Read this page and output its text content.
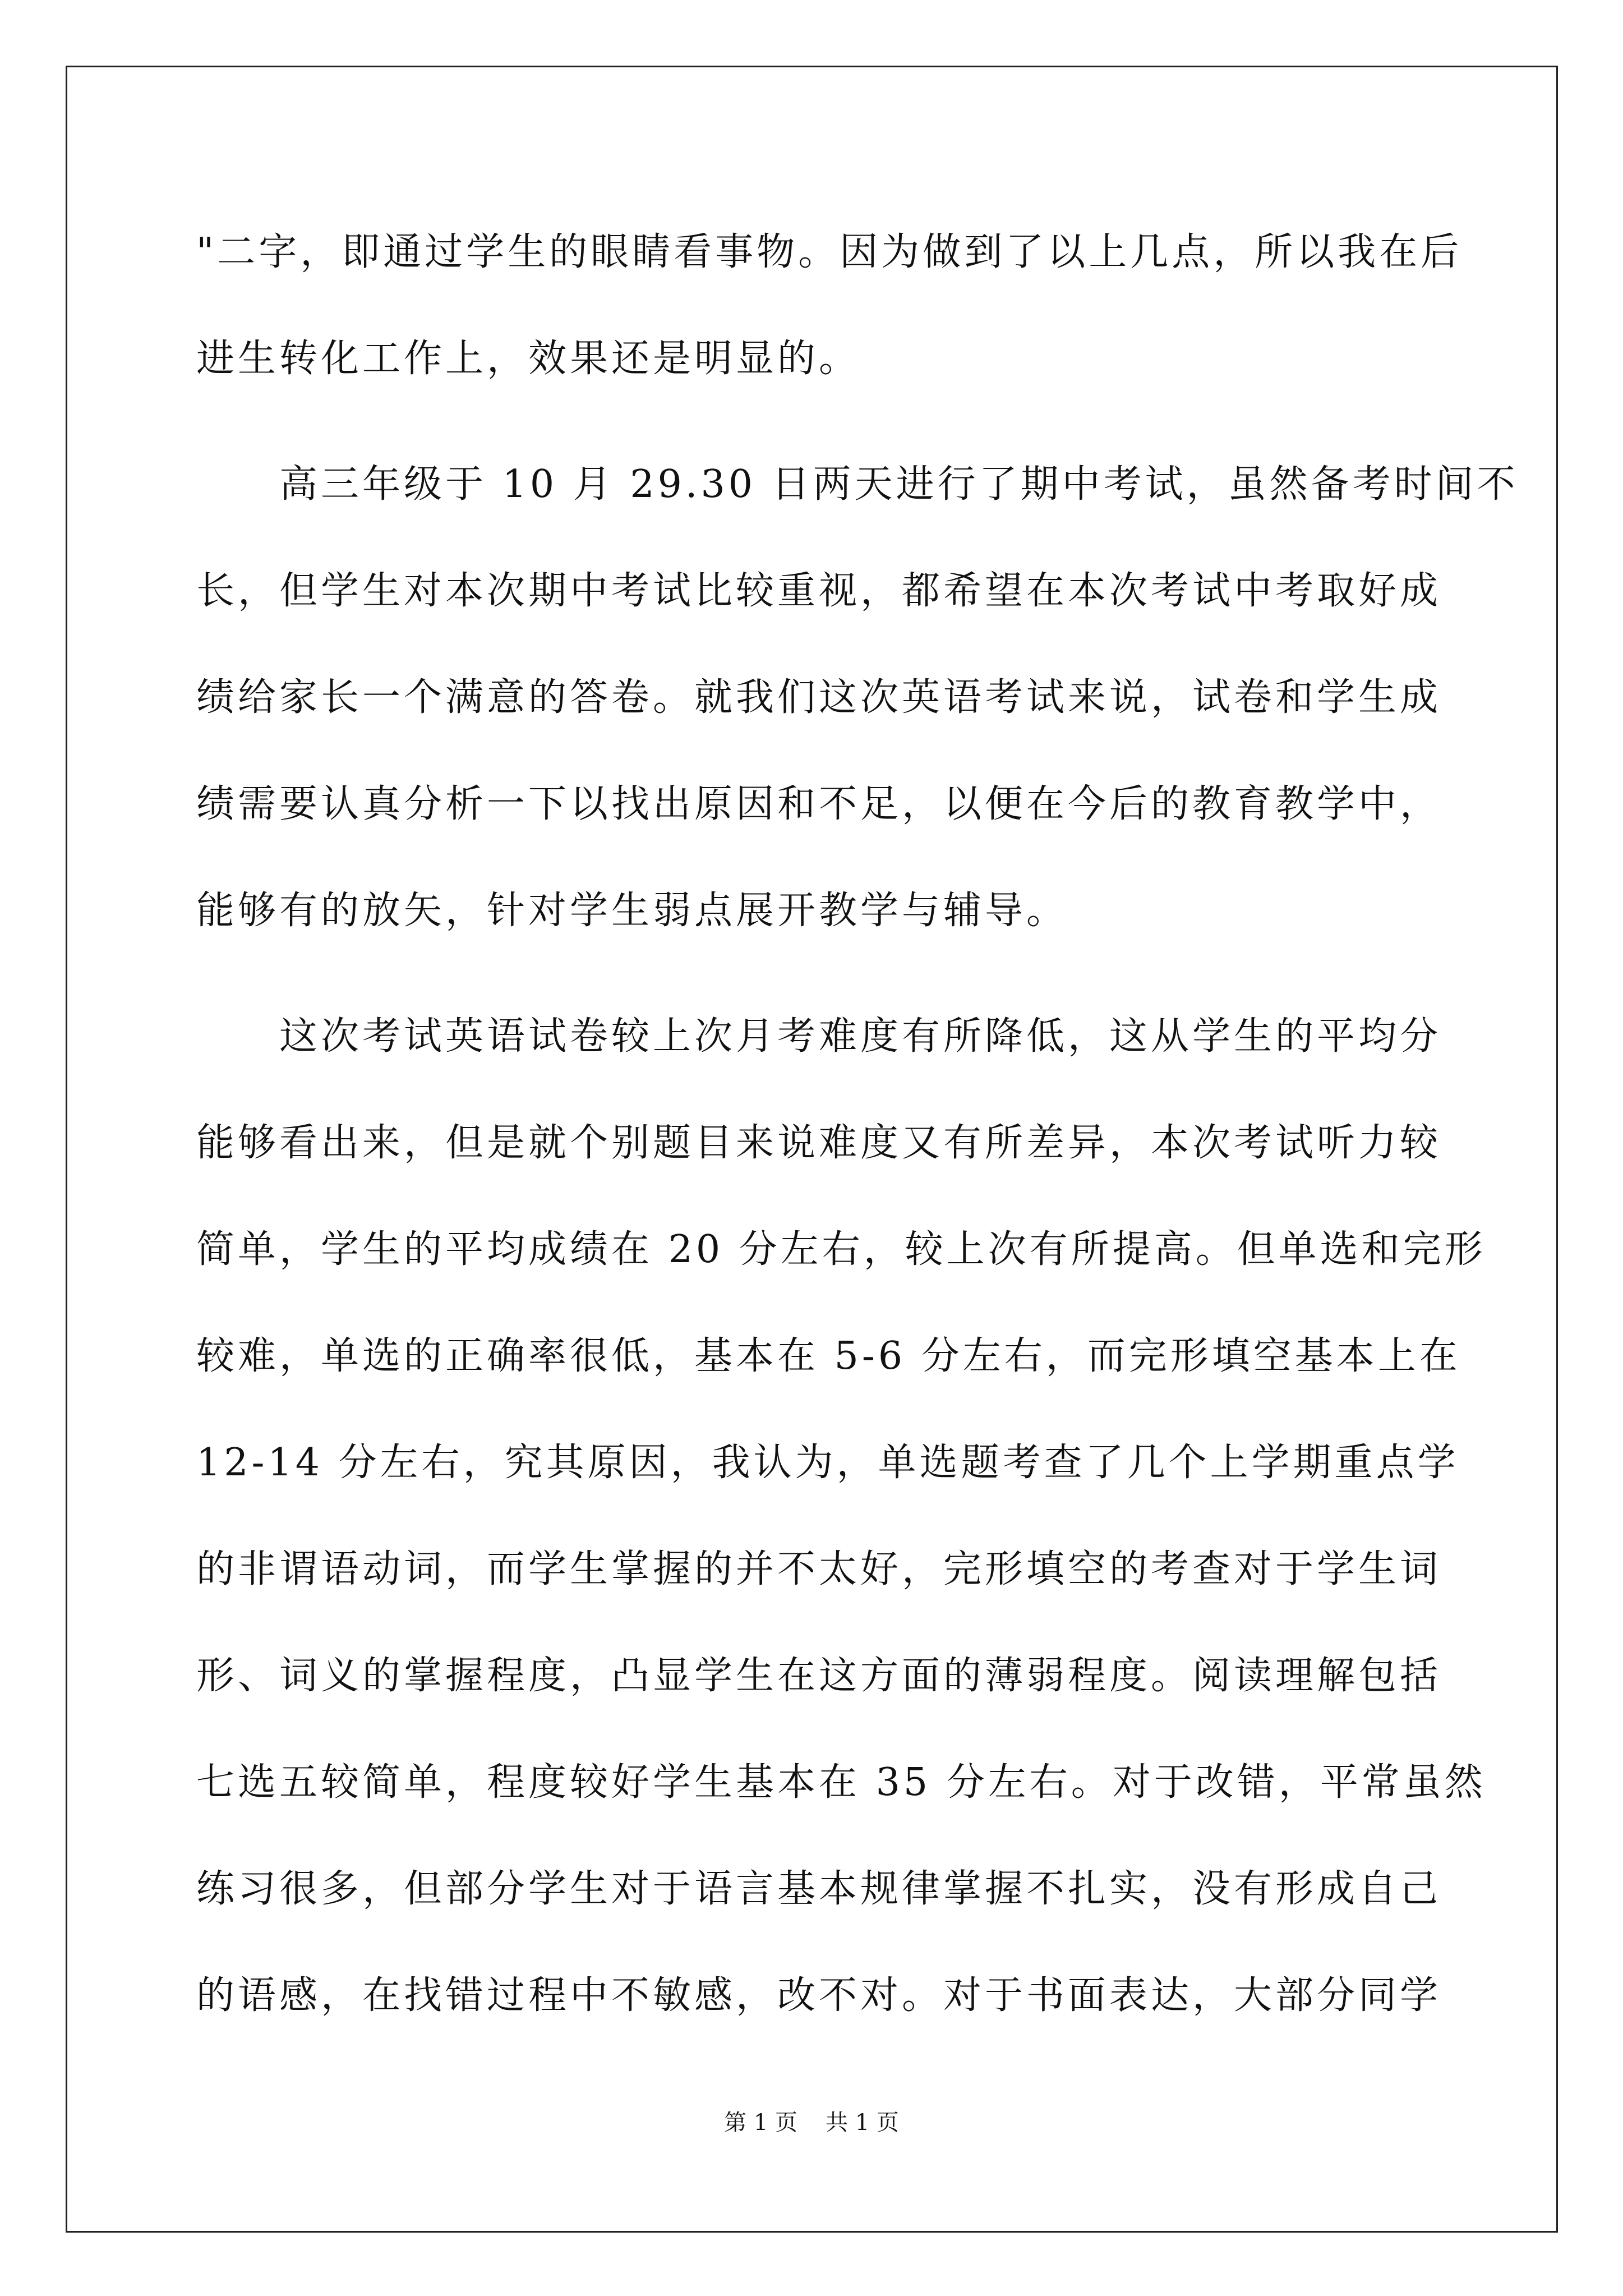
"二字，即通过学生的眼睛看事物。因为做到了以上几点，所以我在后
进生转化工作上，效果还是明显的。
　　高三年级于 10 月 29.30 日两天进行了期中考试，虽然备考时间不
长，但学生对本次期中考试比较重视，都希望在本次考试中考取好成
绩给家长一个满意的答卷。就我们这次英语考试来说，试卷和学生成
绩需要认真分析一下以找出原因和不足，以便在今后的教育教学中，
能够有的放矢，针对学生弱点展开教学与辅导。
　　这次考试英语试卷较上次月考难度有所降低，这从学生的平均分
能够看出来，但是就个别题目来说难度又有所差异，本次考试听力较
简单，学生的平均成绩在 20 分左右，较上次有所提高。但单选和完形
较难，单选的正确率很低，基本在 5-6 分左右，而完形填空基本上在
12-14 分左右，究其原因，我认为，单选题考查了几个上学期重点学
的非谓语动词，而学生掌握的并不太好，完形填空的考查对于学生词
形、词义的掌握程度，凸显学生在这方面的薄弱程度。阅读理解包括
七选五较简单，程度较好学生基本在 35 分左右。对于改错，平常虽然
练习很多，但部分学生对于语言基本规律掌握不扎实，没有形成自己
的语感，在找错过程中不敏感，改不对。对于书面表达，大部分同学
第 1 页 共 1 页
